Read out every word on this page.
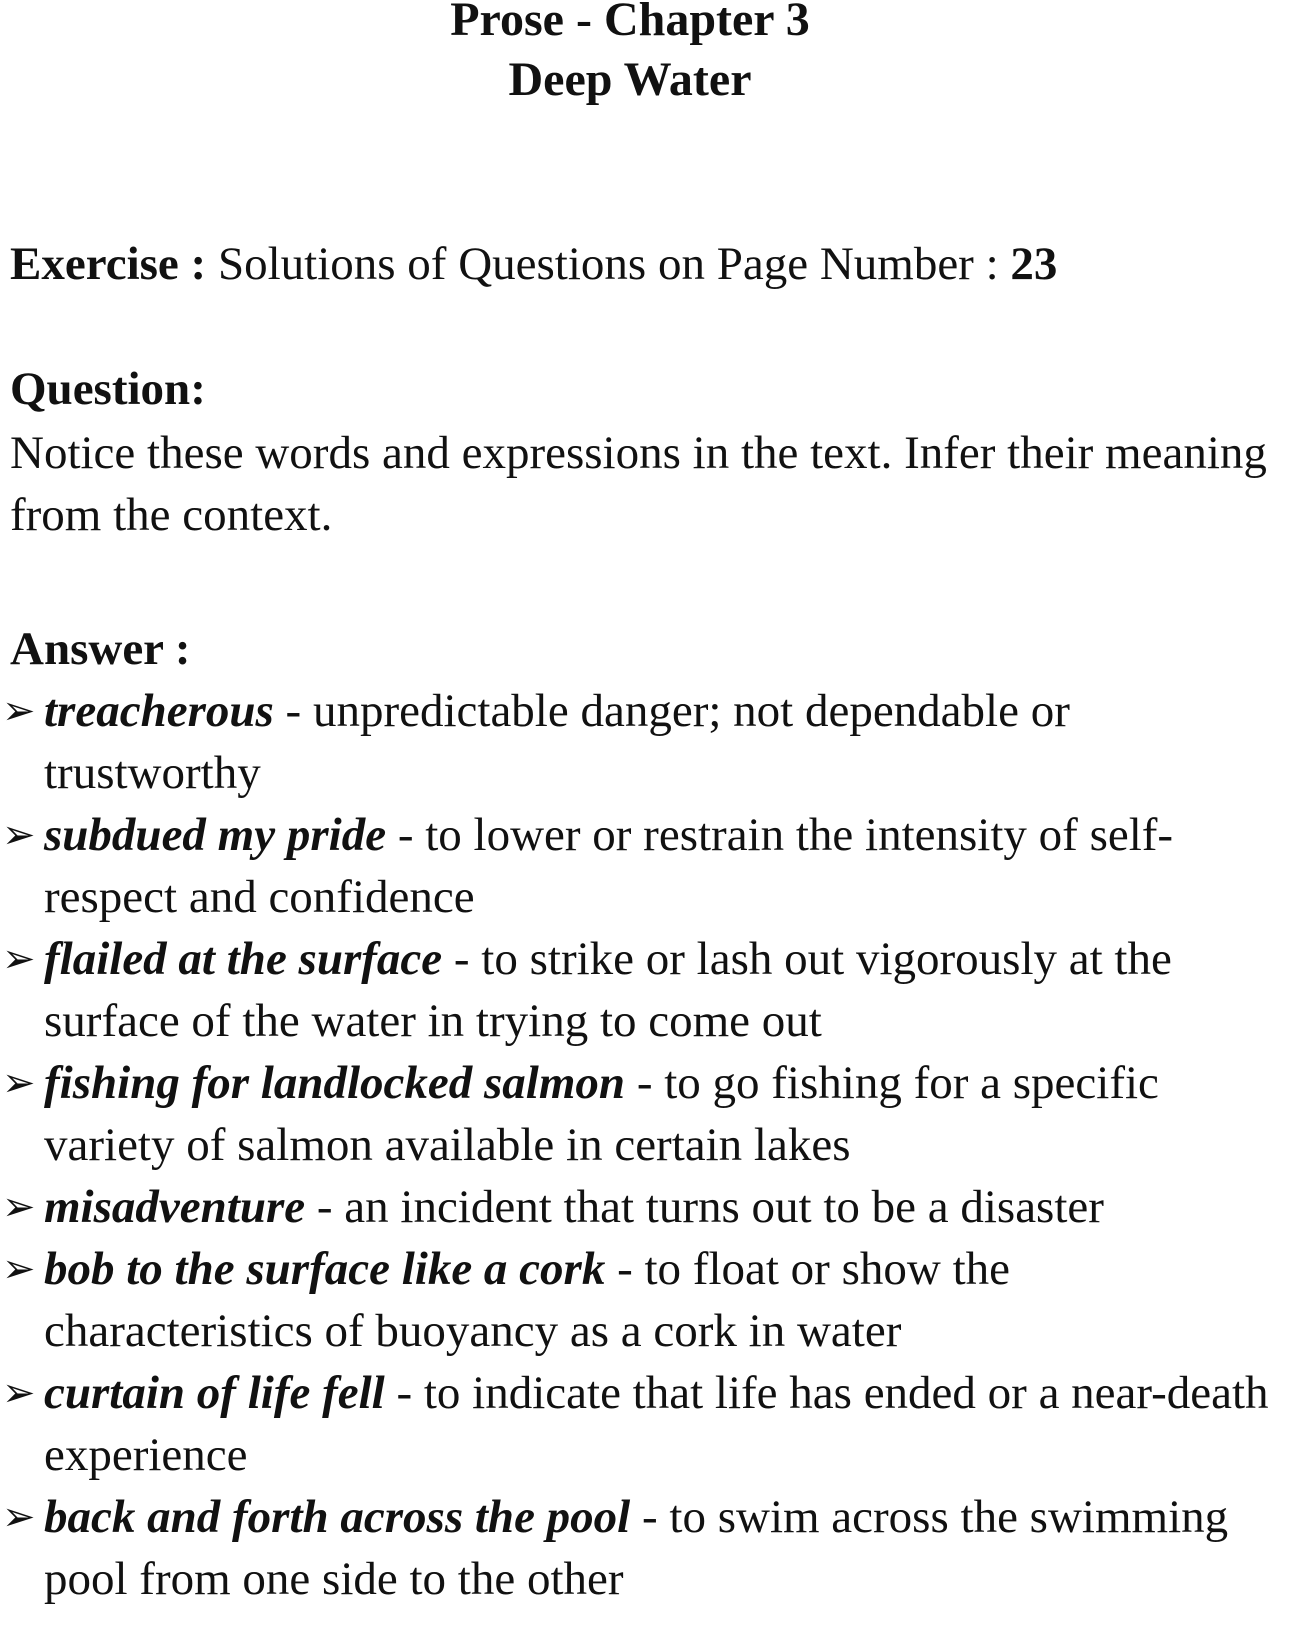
Prose - Chapter 3
Deep Water
Exercise : Solutions of Questions on Page Number : 23
Question:
Notice these words and expressions in the text. Infer their meaning from the context.
Answer :
➢ treacherous - unpredictable danger; not dependable or trustworthy
➢ subdued my pride - to lower or restrain the intensity of self-respect and confidence
➢ flailed at the surface - to strike or lash out vigorously at the surface of the water in trying to come out
➢ fishing for landlocked salmon - to go fishing for a specific variety of salmon available in certain lakes
➢ misadventure - an incident that turns out to be a disaster
➢ bob to the surface like a cork - to float or show the characteristics of buoyancy as a cork in water
➢ curtain of life fell - to indicate that life has ended or a near-death experience
➢ back and forth across the pool - to swim across the swimming pool from one side to the other
